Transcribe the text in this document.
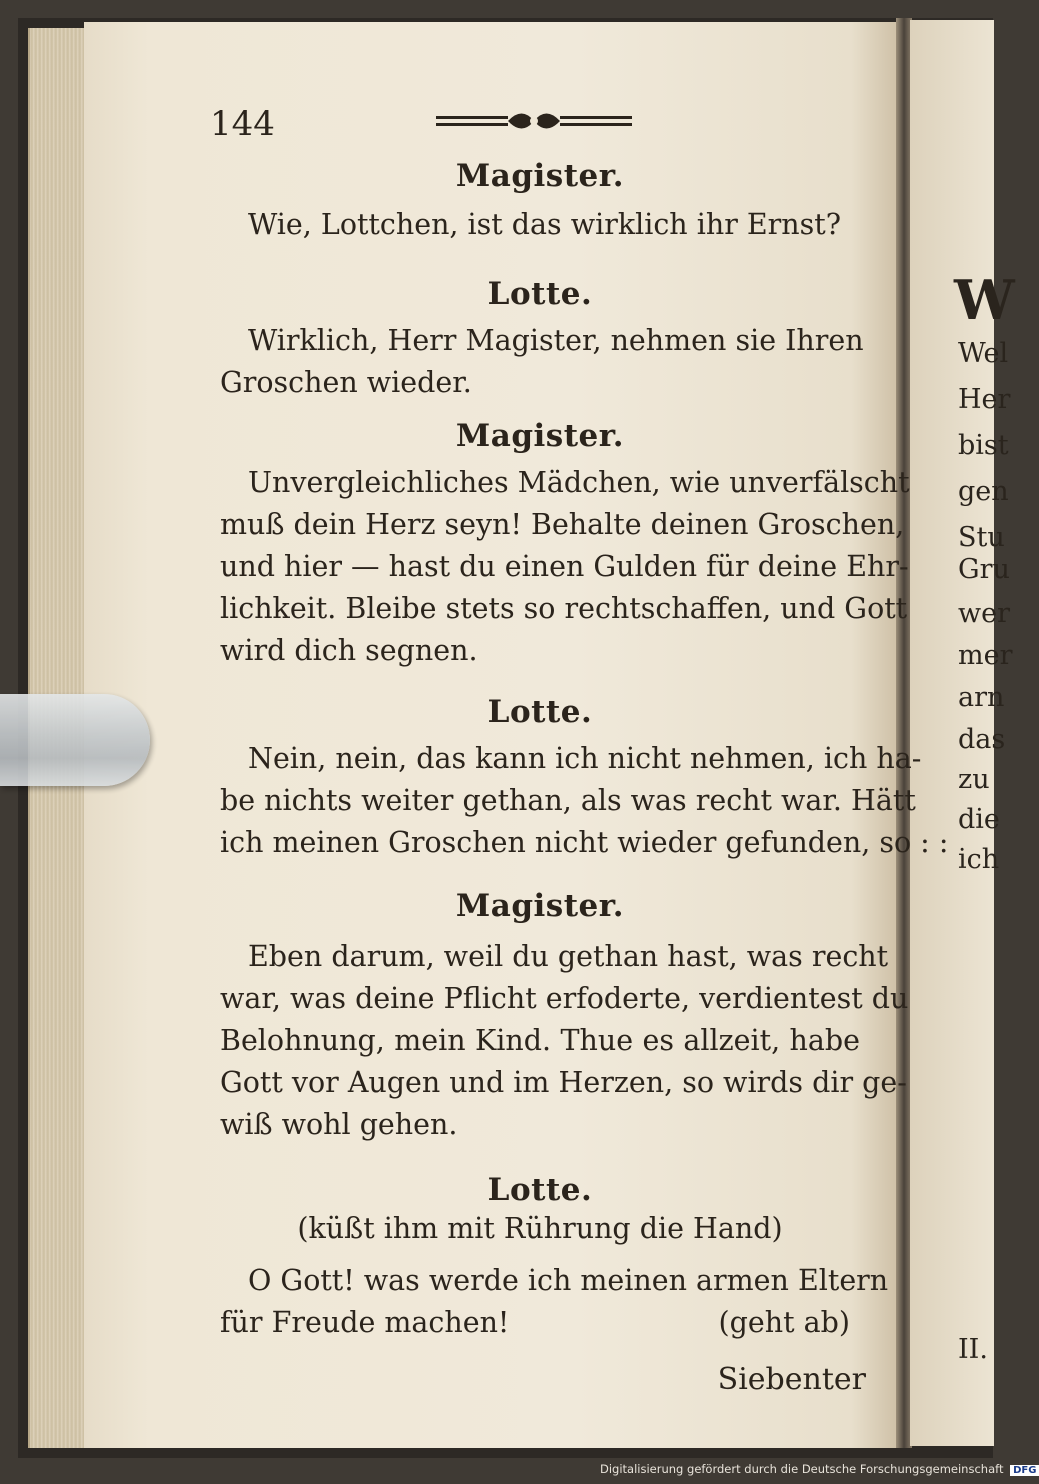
W
Wel
Her
bist
gen
Stu
Gru
wer
mer
arn
das
zu
die
ich
II.
144
Magister.
Wie, Lottchen, ist das wirklich ihr Ernst?
Lotte.
Wirklich, Herr Magister, nehmen sie Ihren
Groschen wieder.
Magister.
Unvergleichliches Mädchen, wie unverfälscht
muß dein Herz seyn! Behalte deinen Groschen,
und hier — hast du einen Gulden für deine Ehr-
lichkeit. Bleibe stets so rechtschaffen, und Gott
wird dich segnen.
Lotte.
Nein, nein, das kann ich nicht nehmen, ich ha-
be nichts weiter gethan, als was recht war. Hätt
ich meinen Groschen nicht wieder gefunden, so : :
Magister.
Eben darum, weil du gethan hast, was recht
war, was deine Pflicht erfoderte, verdientest du
Belohnung, mein Kind. Thue es allzeit, habe
Gott vor Augen und im Herzen, so wirds dir ge-
wiß wohl gehen.
Lotte.
(küßt ihm mit Rührung die Hand)
O Gott! was werde ich meinen armen Eltern
für Freude machen!	(geht ab)
Siebenter
Digitalisierung gefördert durch die Deutsche Forschungsgemeinschaft DFG
